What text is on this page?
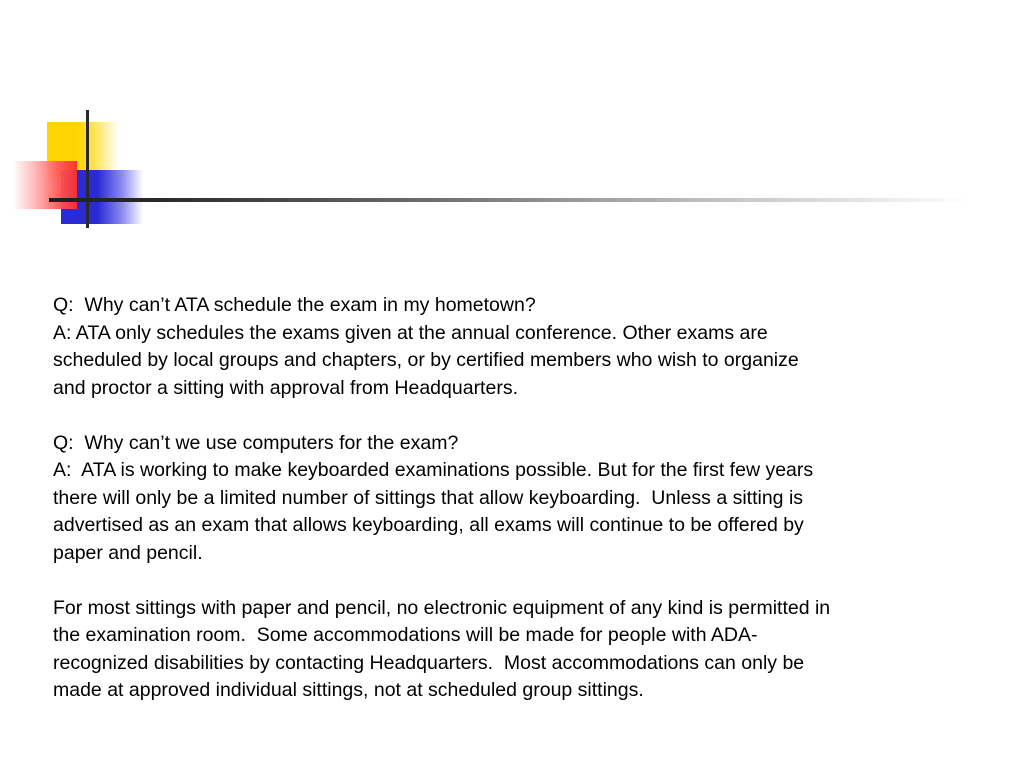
Q:  Why can’t ATA schedule the exam in my hometown?

A: ATA only schedules the exams given at the annual conference. Other exams are

scheduled by local groups and chapters, or by certified members who wish to organize

and proctor a sitting with approval from Headquarters.

Q:  Why can’t we use computers for the exam?

A:  ATA is working to make keyboarded examinations possible. But for the first few years

there will only be a limited number of sittings that allow keyboarding.  Unless a sitting is

advertised as an exam that allows keyboarding, all exams will continue to be offered by

paper and pencil.

For most sittings with paper and pencil, no electronic equipment of any kind is permitted in

the examination room.  Some accommodations will be made for people with ADA-

recognized disabilities by contacting Headquarters.  Most accommodations can only be

made at approved individual sittings, not at scheduled group sittings.
